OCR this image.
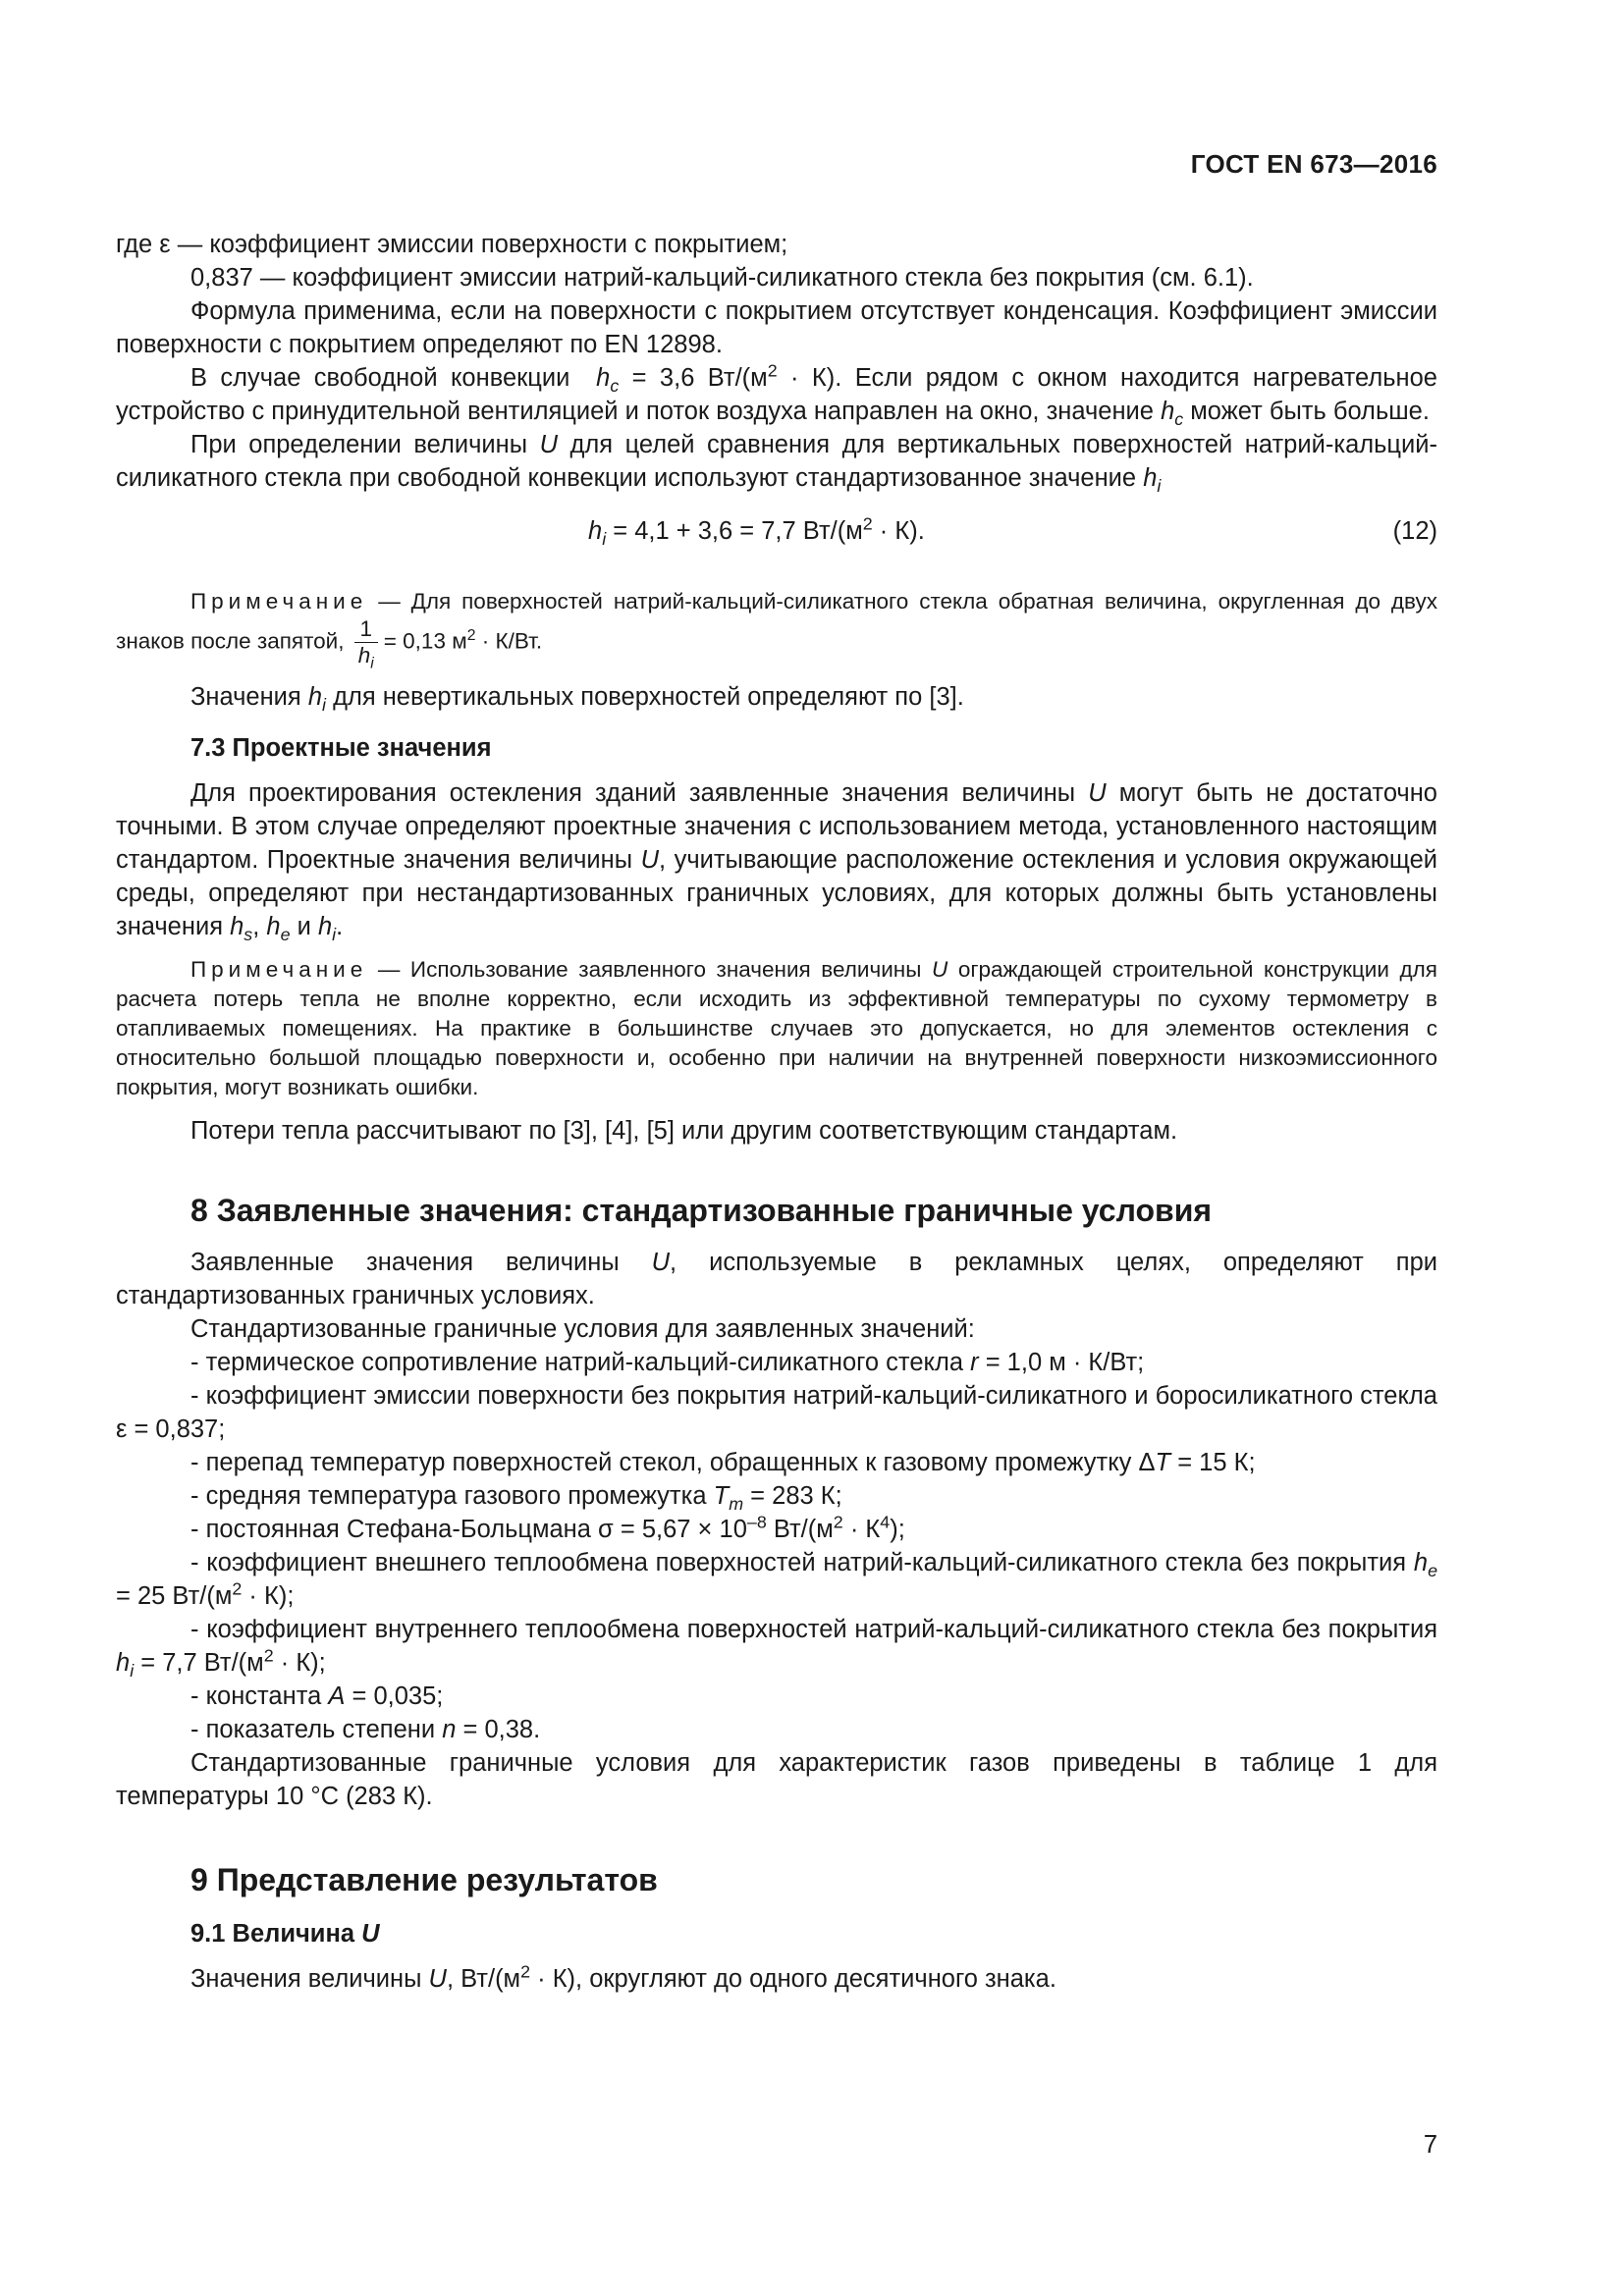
ГОСТ EN 673—2016

где ε — коэффициент эмиссии поверхности с покрытием;

0,837 — коэффициент эмиссии натрий-кальций-силикатного стекла без покрытия (см. 6.1).

Формула применима, если на поверхности с покрытием отсутствует конденсация. Коэффициент эмиссии поверхности с покрытием определяют по EN 12898.

В случае свободной конвекции $h_c = 3,6$ $Вт/(м^2 \cdot К)$. Если рядом с окном находится нагревательное устройство с принудительной вентиляцией и поток воздуха направлен на окно, значение $h_c$ может быть больше.

При определении величины U для целей сравнения для вертикальных поверхностей натрий-кальций-силикатного стекла при свободной конвекции используют стандартизованное значение $h_i$

$h_i = 4,1 + 3,6 = 7,7$ $Вт/(м^2 \cdot К)$.	(12)

Примечание — Для поверхностей натрий-кальций-силикатного стекла обратная величина, округленная до двух знаков после запятой, $\frac{1}{h_i} = 0,13$ $м^2 \cdot К/Вт$.

Значения $h_i$ для невертикальных поверхностей определяют по [3].

7.3 Проектные значения

Для проектирования остекления зданий заявленные значения величины U могут быть не достаточно точными. В этом случае определяют проектные значения с использованием метода, установленного настоящим стандартом. Проектные значения величины U, учитывающие расположение остекления и условия окружающей среды, определяют при нестандартизованных граничных условиях, для которых должны быть установлены значения $h_s$, $h_e$ и $h_i$.

Примечание — Использование заявленного значения величины U ограждающей строительной конструкции для расчета потерь тепла не вполне корректно, если исходить из эффективной температуры по сухому термометру в отапливаемых помещениях. На практике в большинстве случаев это допускается, но для элементов остекления с относительно большой площадью поверхности и, особенно при наличии на внутренней поверхности низкоэмиссионного покрытия, могут возникать ошибки.

Потери тепла рассчитывают по [3], [4], [5] или другим соответствующим стандартам.

8 Заявленные значения: стандартизованные граничные условия

Заявленные значения величины U, используемые в рекламных целях, определяют при стандартизованных граничных условиях.

Стандартизованные граничные условия для заявленных значений:

- термическое сопротивление натрий-кальций-силикатного стекла r = 1,0 м · К/Вт;

- коэффициент эмиссии поверхности без покрытия натрий-кальций-силикатного и боросиликатного стекла ε = 0,837;

- перепад температур поверхностей стекол, обращенных к газовому промежутку ΔT = 15 К;

- средняя температура газового промежутка $T_m = 283$ К;

- постоянная Стефана-Больцмана $\sigma = 5,67 \times 10^{-8}$ $Вт/(м^2 \cdot К^4)$;

- коэффициент внешнего теплообмена поверхностей натрий-кальций-силикатного стекла без покрытия $h_e = 25$ $Вт/(м^2 \cdot К)$;

- коэффициент внутреннего теплообмена поверхностей натрий-кальций-силикатного стекла без покрытия $h_i = 7,7$ $Вт/(м^2 \cdot К)$;

- константа A = 0,035;

- показатель степени n = 0,38.

Стандартизованные граничные условия для характеристик газов приведены в таблице 1 для температуры 10 °C (283 К).

9 Представление результатов
9.1 Величина U

Значения величины U, $Вт/(м^2 \cdot К)$, округляют до одного десятичного знака.

7
